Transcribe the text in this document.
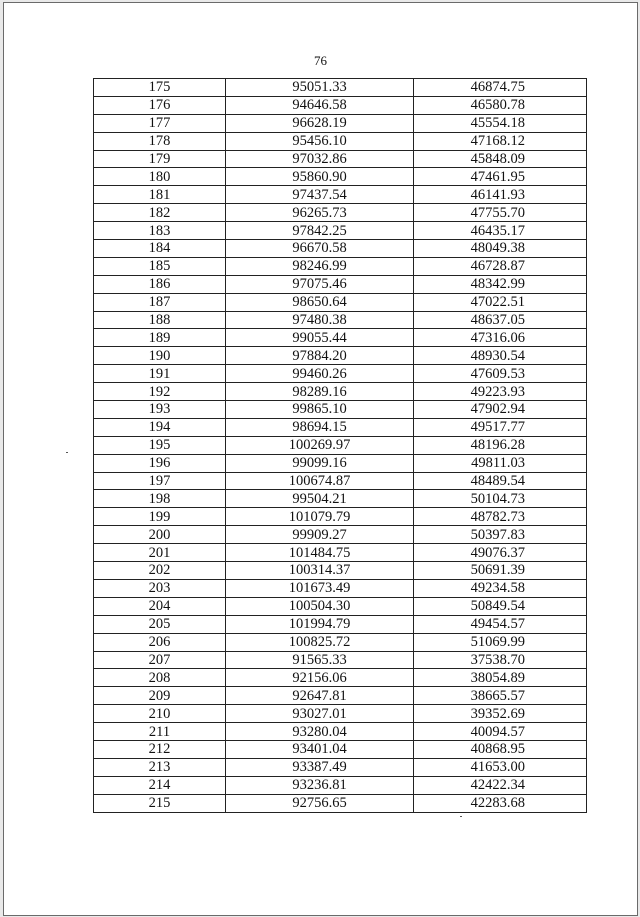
76
175	95051.33	46874.75
176	94646.58	46580.78
177	96628.19	45554.18
178	95456.10	47168.12
179	97032.86	45848.09
180	95860.90	47461.95
181	97437.54	46141.93
182	96265.73	47755.70
183	97842.25	46435.17
184	96670.58	48049.38
185	98246.99	46728.87
186	97075.46	48342.99
187	98650.64	47022.51
188	97480.38	48637.05
189	99055.44	47316.06
190	97884.20	48930.54
191	99460.26	47609.53
192	98289.16	49223.93
193	99865.10	47902.94
194	98694.15	49517.77
195	100269.97	48196.28
196	99099.16	49811.03
197	100674.87	48489.54
198	99504.21	50104.73
199	101079.79	48782.73
200	99909.27	50397.83
201	101484.75	49076.37
202	100314.37	50691.39
203	101673.49	49234.58
204	100504.30	50849.54
205	101994.79	49454.57
206	100825.72	51069.99
207	91565.33	37538.70
208	92156.06	38054.89
209	92647.81	38665.57
210	93027.01	39352.69
211	93280.04	40094.57
212	93401.04	40868.95
213	93387.49	41653.00
214	93236.81	42422.34
215	92756.65	42283.68
